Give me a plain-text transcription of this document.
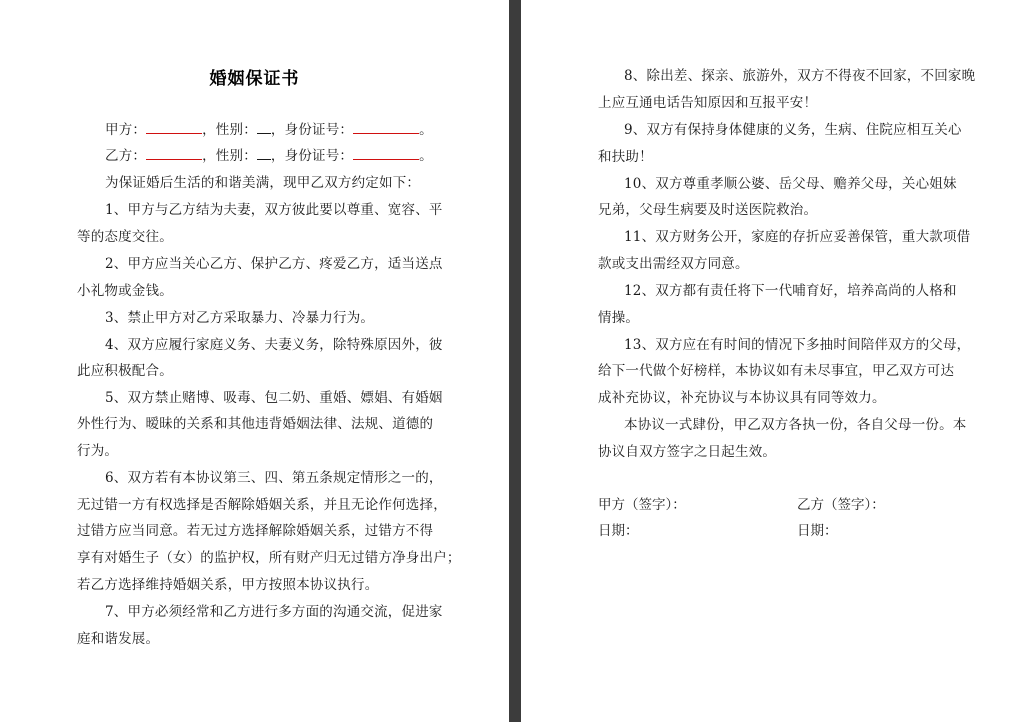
婚姻保证书
甲方：	，性别： ，身份证号：	。
乙方：	，性别： ，身份证号：	。
为保证婚后生活的和谐美满，现甲乙双方约定如下：
1、甲方与乙方结为夫妻，双方彼此要以尊重、宽容、平
等的态度交往。
2、甲方应当关心乙方、保护乙方、疼爱乙方，适当送点
小礼物或金钱。
3、禁止甲方对乙方采取暴力、冷暴力行为。
4、双方应履行家庭义务、夫妻义务，除特殊原因外，彼
此应积极配合。
5、双方禁止赌博、吸毒、包二奶、重婚、嫖娼、有婚姻
外性行为、暧昧的关系和其他违背婚姻法律、法规、道德的
行为。
6、双方若有本协议第三、四、第五条规定情形之一的，
无过错一方有权选择是否解除婚姻关系，并且无论作何选择，
过错方应当同意。若无过方选择解除婚姻关系，过错方不得
享有对婚生子（女）的监护权，所有财产归无过错方净身出户；
若乙方选择维持婚姻关系，甲方按照本协议执行。
7、甲方必须经常和乙方进行多方面的沟通交流，促进家
庭和谐发展。
8、除出差、探亲、旅游外，双方不得夜不回家，不回家晚
上应互通电话告知原因和互报平安！
9、双方有保持身体健康的义务，生病、住院应相互关心
和扶助！
10、双方尊重孝顺公婆、岳父母、赡养父母，关心姐妹
兄弟，父母生病要及时送医院救治。
11、双方财务公开，家庭的存折应妥善保管，重大款项借
款或支出需经双方同意。
12、双方都有责任将下一代哺育好，培养高尚的人格和
情操。
13、双方应在有时间的情况下多抽时间陪伴双方的父母，
给下一代做个好榜样，本协议如有未尽事宜，甲乙双方可达
成补充协议，补充协议与本协议具有同等效力。
本协议一式肆份，甲乙双方各执一份，各自父母一份。本
协议自双方签字之日起生效。
甲方（签字）：	乙方（签字）：
日期：	日期：
